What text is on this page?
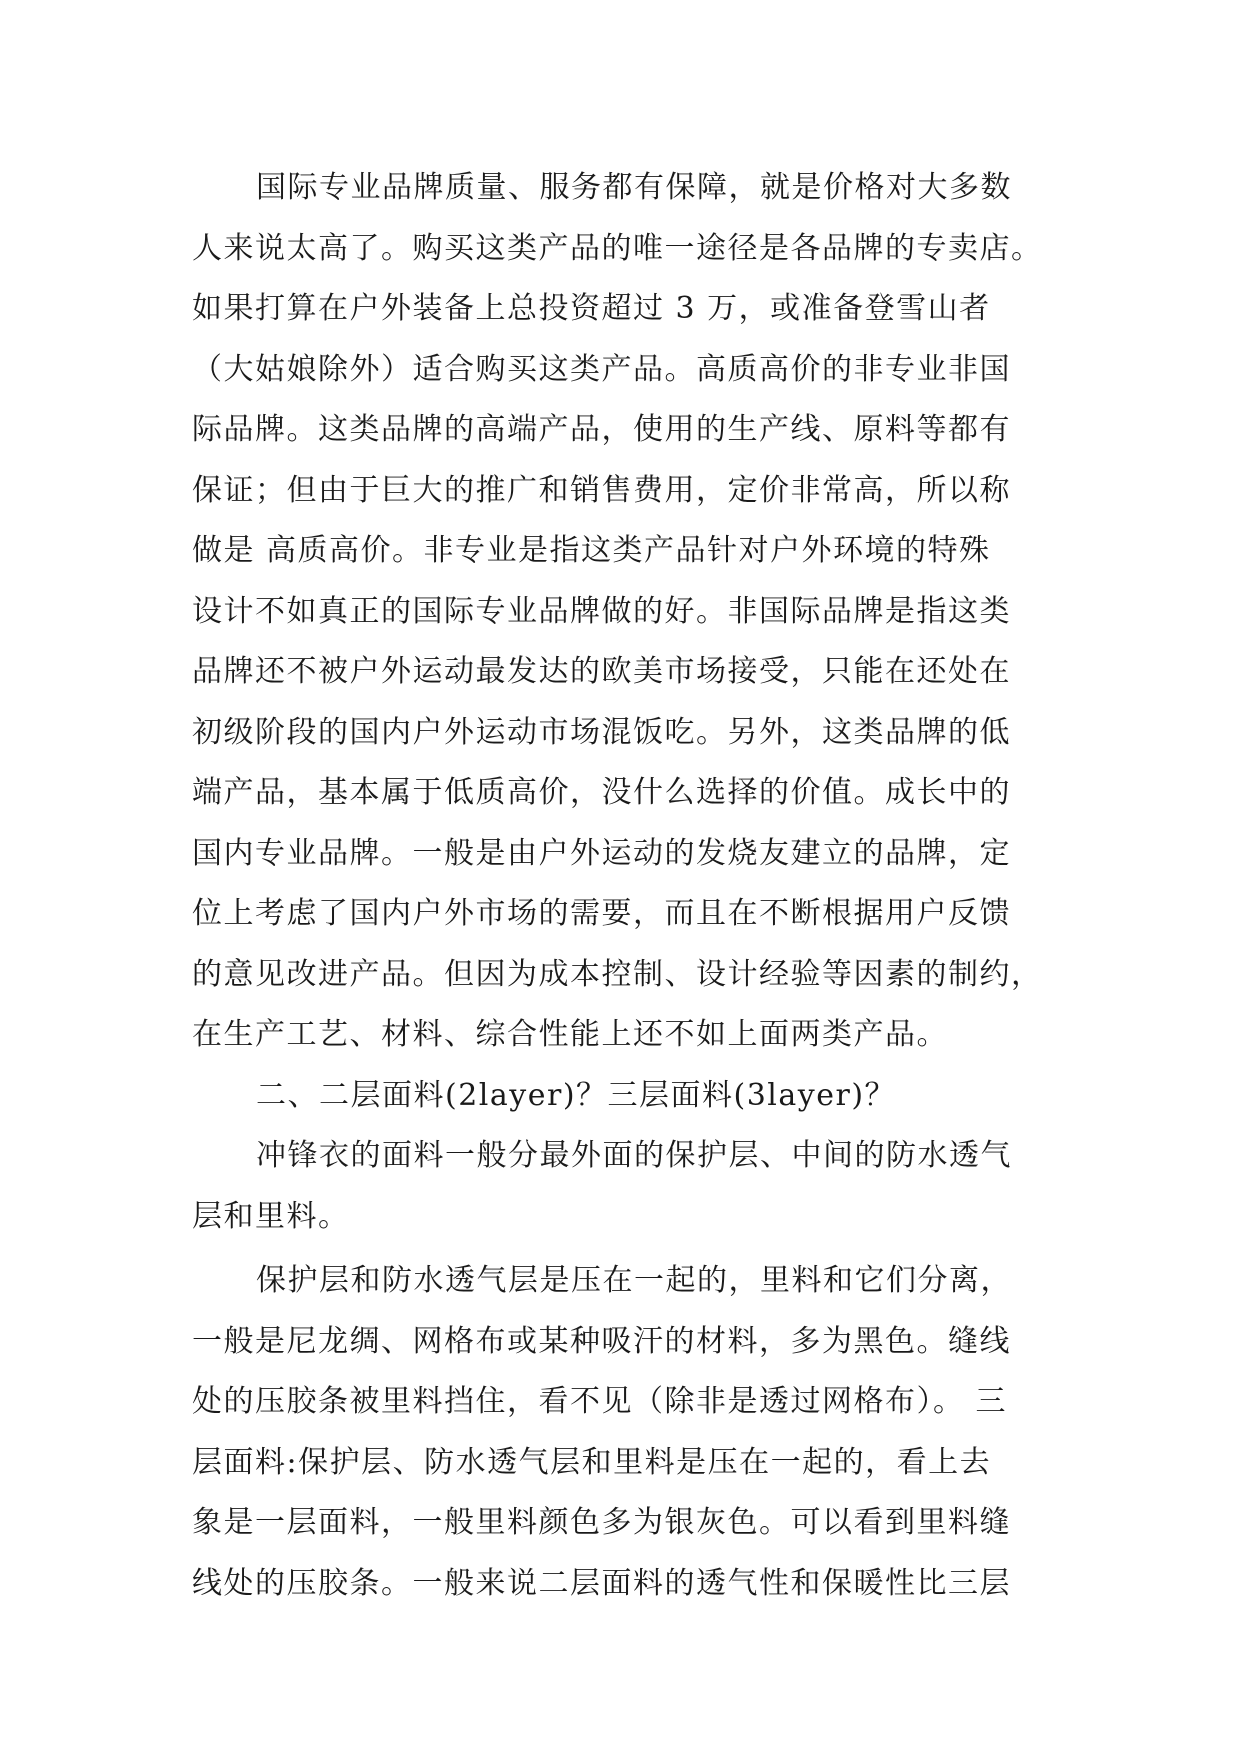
国际专业品牌质量、服务都有保障，就是价格对大多数
人来说太高了。购买这类产品的唯一途径是各品牌的专卖店。
如果打算在户外装备上总投资超过 3 万，或准备登雪山者
（大姑娘除外）适合购买这类产品。高质高价的非专业非国
际品牌。这类品牌的高端产品，使用的生产线、原料等都有
保证；但由于巨大的推广和销售费用，定价非常高，所以称
做是 高质高价。非专业是指这类产品针对户外环境的特殊
设计不如真正的国际专业品牌做的好。非国际品牌是指这类
品牌还不被户外运动最发达的欧美市场接受，只能在还处在
初级阶段的国内户外运动市场混饭吃。另外，这类品牌的低
端产品，基本属于低质高价，没什么选择的价值。成长中的
国内专业品牌。一般是由户外运动的发烧友建立的品牌，定
位上考虑了国内户外市场的需要，而且在不断根据用户反馈
的意见改进产品。但因为成本控制、设计经验等因素的制约，
在生产工艺、材料、综合性能上还不如上面两类产品。
二、二层面料(2layer)？三层面料(3layer)？
冲锋衣的面料一般分最外面的保护层、中间的防水透气
层和里料。
保护层和防水透气层是压在一起的，里料和它们分离，
一般是尼龙绸、网格布或某种吸汗的材料，多为黑色。缝线
处的压胶条被里料挡住，看不见（除非是透过网格布）。 三
层面料:保护层、防水透气层和里料是压在一起的，看上去
象是一层面料，一般里料颜色多为银灰色。可以看到里料缝
线处的压胶条。一般来说二层面料的透气性和保暖性比三层
